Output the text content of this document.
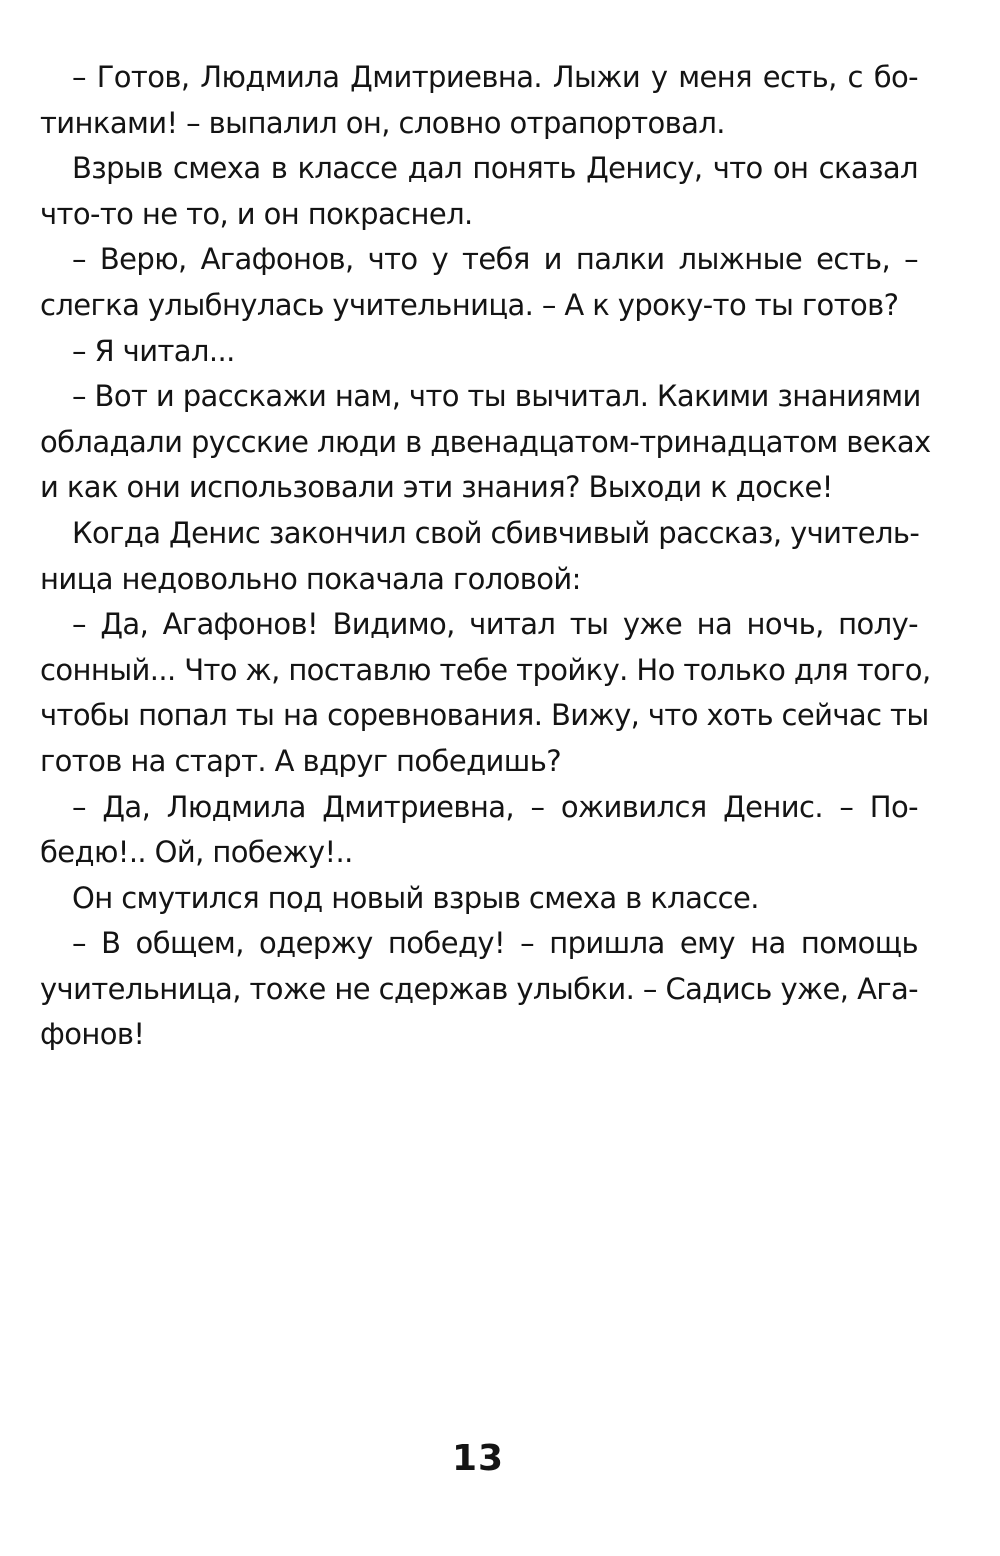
– Готов, Людмила Дмитриевна. Лыжи у меня есть, с бо-
тинками! – выпалил он, словно отрапортовал.
Взрыв смеха в классе дал понять Денису, что он сказал
что-то не то, и он покраснел.
– Верю, Агафонов, что у тебя и палки лыжные есть, –
слегка улыбнулась учительница. – А к уроку-то ты готов?
– Я читал...
– Вот и расскажи нам, что ты вычитал. Какими знаниями
обладали русские люди в двенадцатом-тринадцатом веках
и как они использовали эти знания? Выходи к доске!
Когда Денис закончил свой сбивчивый рассказ, учитель-
ница недовольно покачала головой:
– Да, Агафонов! Видимо, читал ты уже на ночь, полу-
сонный... Что ж, поставлю тебе тройку. Но только для того,
чтобы попал ты на соревнования. Вижу, что хоть сейчас ты
готов на старт. А вдруг победишь?
– Да, Людмила Дмитриевна, – оживился Денис. – По-
бедю!.. Ой, побежу!..
Он смутился под новый взрыв смеха в классе.
– В общем, одержу победу! – пришла ему на помощь
учительница, тоже не сдержав улыбки. – Садись уже, Ага-
фонов!
13
